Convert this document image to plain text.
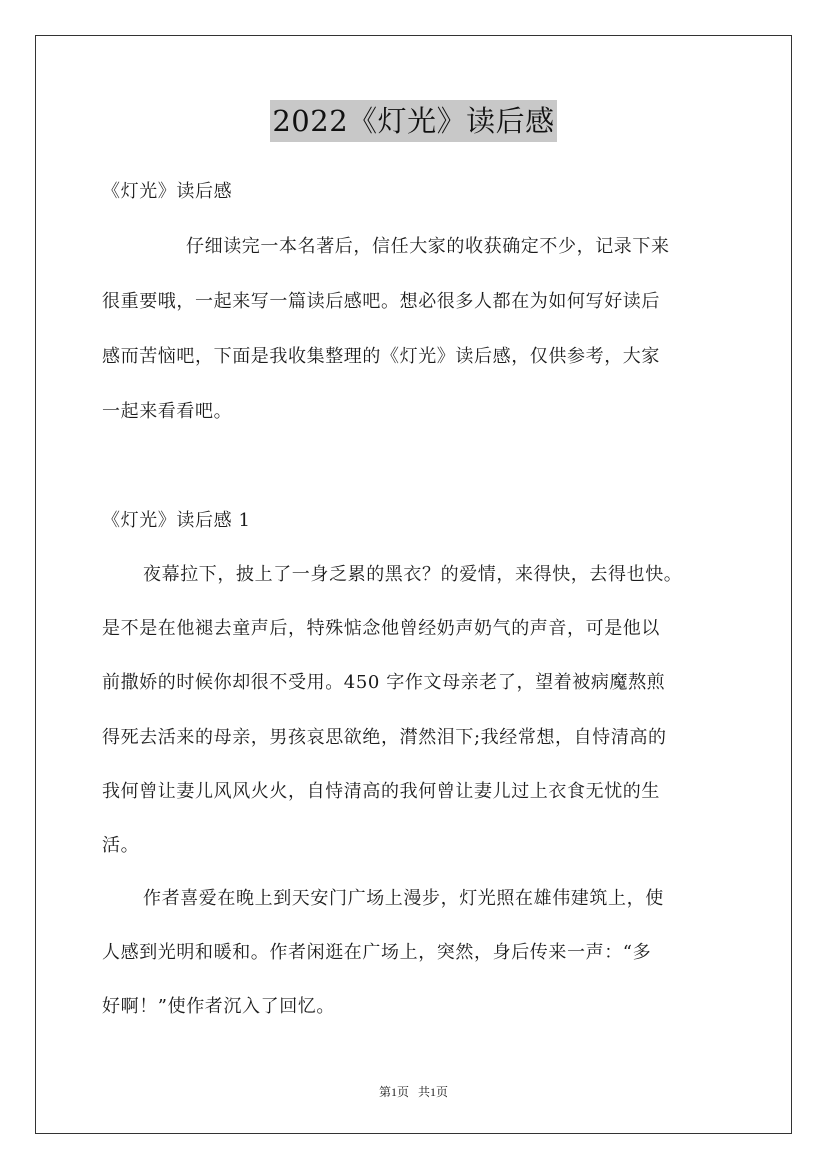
2022《灯光》读后感
《灯光》读后感
仔细读完一本名著后，信任大家的收获确定不少，记录下来
很重要哦，一起来写一篇读后感吧。想必很多人都在为如何写好读后
感而苦恼吧，下面是我收集整理的《灯光》读后感，仅供参考，大家
一起来看看吧。
《灯光》读后感 1
夜幕拉下，披上了一身乏累的黑衣？的爱情，来得快，去得也快。
是不是在他褪去童声后，特殊惦念他曾经奶声奶气的声音，可是他以
前撒娇的时候你却很不受用。450 字作文母亲老了，望着被病魔熬煎
得死去活来的母亲，男孩哀思欲绝，潸然泪下;我经常想，自恃清高的
我何曾让妻儿风风火火，自恃清高的我何曾让妻儿过上衣食无忧的生
活。
作者喜爱在晚上到天安门广场上漫步，灯光照在雄伟建筑上，使
人感到光明和暖和。作者闲逛在广场上，突然，身后传来一声：“多
好啊！”使作者沉入了回忆。
第1页 共1页
